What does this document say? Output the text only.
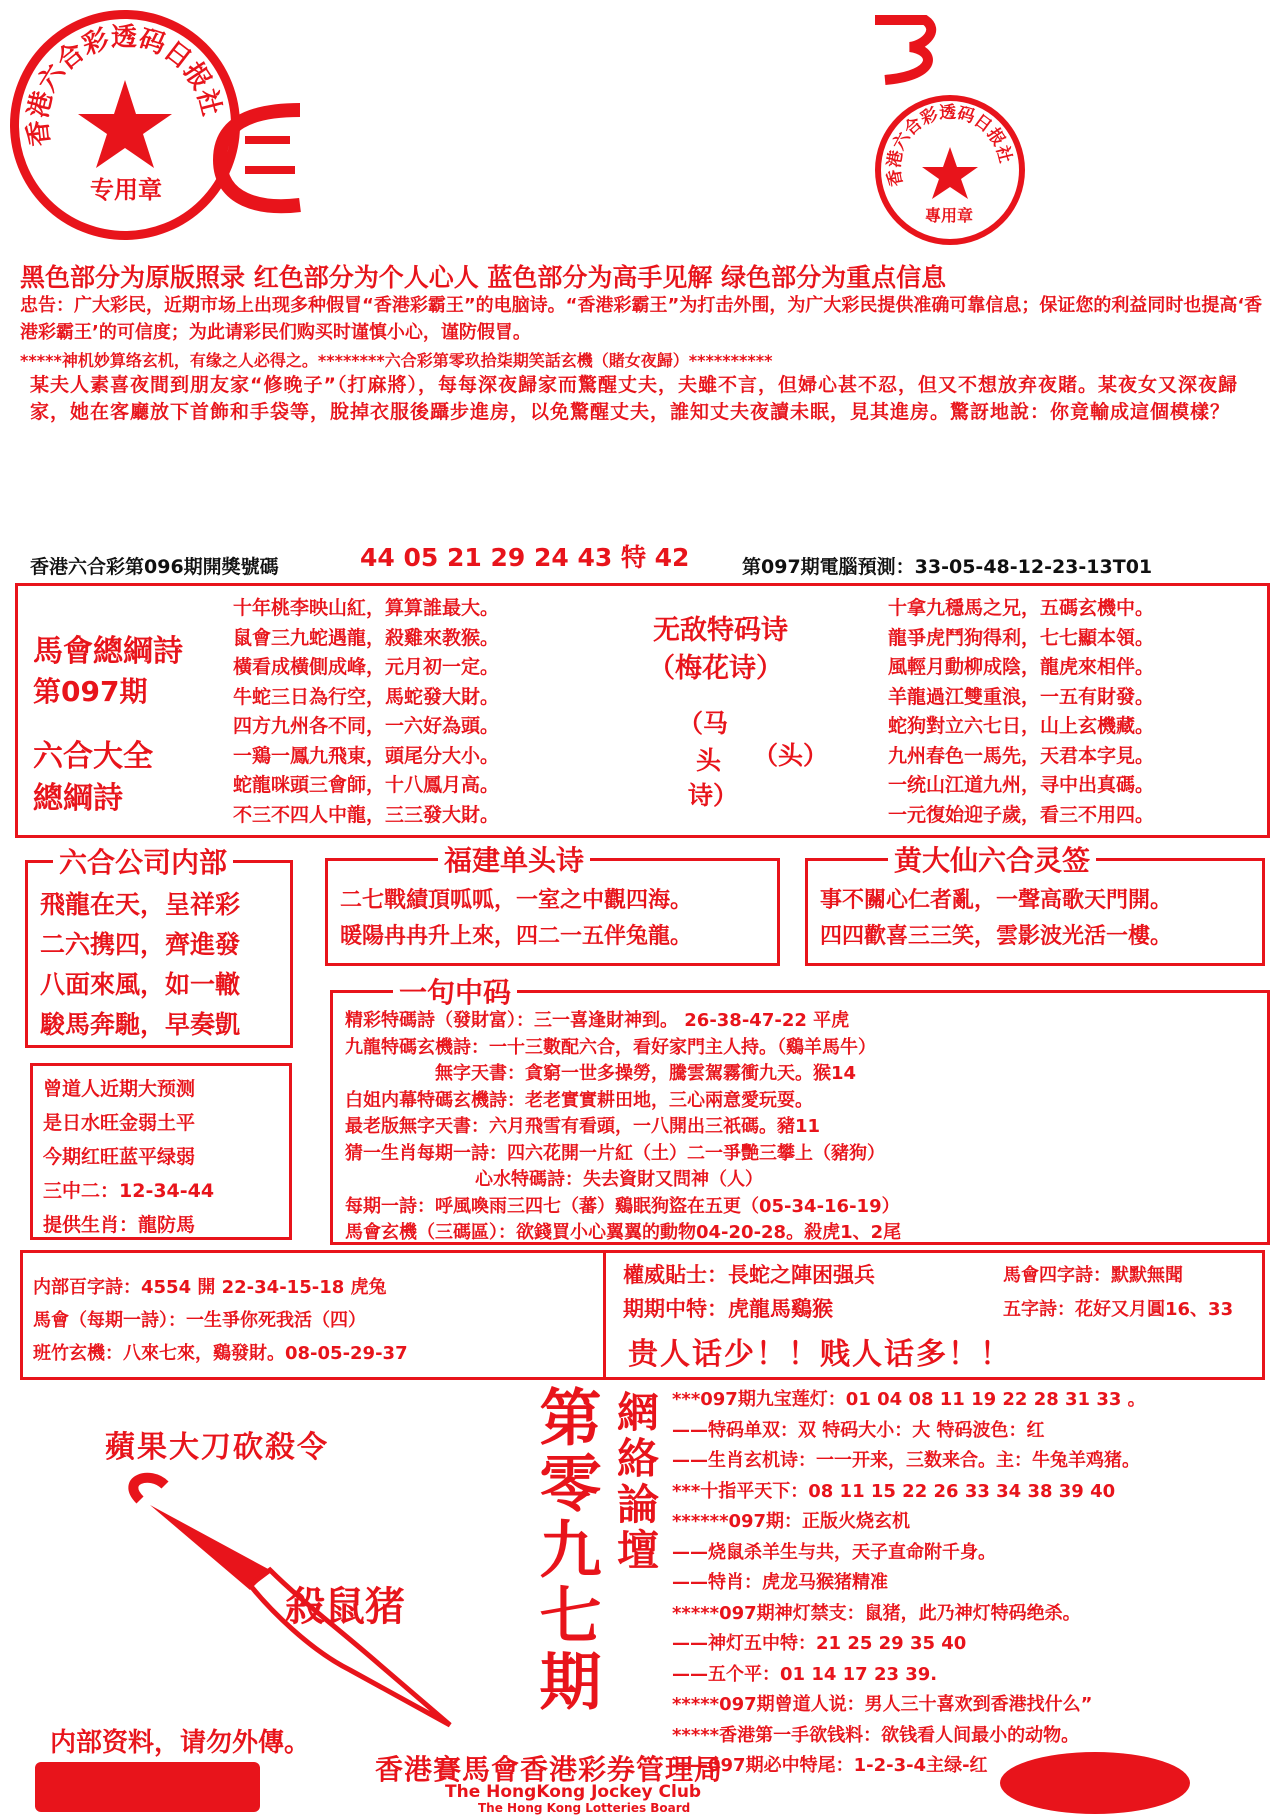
香港六合彩透码日报社
专用章	香港六合彩透码日报社
專用章
黑色部分为原版照录 红色部分为个人心人 蓝色部分为高手见解 绿色部分为重点信息
忠告：广大彩民，近期市场上出现多种假冒“香港彩霸王”的电脑诗。“香港彩霸王”为打击外围，为广大彩民提供准确可靠信息；保证您的利益同时也提高‘香港彩霸王’的可信度；为此请彩民们购买时谨慎小心，谨防假冒。
*****神机妙算络玄机，有缘之人必得之。********六合彩第零玖拾柒期笑話玄機（賭女夜歸）**********
某夫人素喜夜間到朋友家“修晚子”（打麻將），每每深夜歸家而驚醒丈夫，夫雖不言，但婦心甚不忍，但又不想放弃夜賭。某夜女又深夜歸家，她在客廳放下首飾和手袋等，脫掉衣服後躡步進房，以免驚醒丈夫，誰知丈夫夜讀未眠，見其進房。驚訝地說：你竟輸成這個模樣？
香港六合彩第096期開獎號碼	44 05 21 29 24 43 特 42	第097期電腦預測：33-05-48-12-23-13T01
馬會總綱詩
第097期
六合大全
總綱詩
十年桃李映山紅，算算誰最大。
鼠會三九蛇遇龍，殺雞來教猴。
橫看成橫側成峰，元月初一定。
牛蛇三日為行空，馬蛇發大財。
四方九州各不同，一六好為頭。
一鶏一鳳九飛東，頭尾分大小。
蛇龍咪頭三會師，十八鳳月高。
不三不四人中龍，三三發大財。
无敌特码诗
（梅花诗）
（马
头 （头）
诗）
十拿九穩馬之兄，五碼玄機中。
龍爭虎鬥狗得利，七七顯本領。
風輕月動柳成陰，龍虎來相伴。
羊龍過江雙重浪，一五有財發。
蛇狗對立六七日，山上玄機藏。
九州春色一馬先，天君本字見。
一统山江道九州，寻中出真碼。
一元復始迎子歲，看三不用四。
六合公司内部
飛龍在天，呈祥彩
二六携四，齊進發
八面來風，如一轍
駿馬奔馳，早奏凱
福建单头诗
二七戰績頂呱呱，一室之中觀四海。
暖陽冉冉升上來，四二一五伴兔龍。
黄大仙六合灵签
事不關心仁者亂，一聲高歌天門開。
四四歡喜三三笑，雲影波光活一樓。
曾道人近期大预测
是日水旺金弱土平
今期红旺蓝平绿弱
三中二：12-34-44
提供生肖：龍防馬
一句中码
精彩特碼詩（發財富）：三一喜逢財神到。 26-38-47-22 平虎
九龍特碼玄機詩：一十三數配六合，看好家門主人持。（鷄羊馬牛）
無字天書：貪窮一世多操勞，騰雲駕霧衝九天。猴14
白姐内幕特碼玄機詩：老老實實耕田地，三心兩意愛玩耍。
最老版無字天書：六月飛雪有看頭，一八開出三祇碼。豬11
猜一生肖每期一詩：四六花開一片紅（土）二一爭艷三攀上（豬狗）
心水特碼詩：失去資財又問神（人）
每期一詩：呼風喚雨三四七（蕃）鷄眠狗盜在五更（05-34-16-19）
馬會玄機（三碼區）：欲錢買小心翼翼的動物04-20-28。殺虎1、2尾
内部百字詩：4554 開 22-34-15-18 虎兔
馬會（每期一詩）：一生爭你死我活（四）
班竹玄機：八來七來，鷄發財。08-05-29-37
權威貼士：長蛇之陣困强兵	馬會四字詩：默默無聞
期期中特：虎龍馬鷄猴	五字詩：花好又月圓16、33
贵人话少！！贱人话多！！
蘋果大刀砍殺令
殺鼠猪
内部资料，请勿外傳。
第零九七期 網絡論壇 ***097期九宝莲灯：01 04 08 11 19 22 28 31 33 。
——特码单双：双 特码大小：大 特码波色：红
——生肖玄机诗：一一开来，三数来合。主：牛兔羊鸡猪。
***十指平天下：08 11 15 22 26 33 34 38 39 40
******097期：正版火烧玄机
——烧鼠杀羊生与共，天子直命附千身。
——特肖：虎龙马猴猪精准
*****097期神灯禁支：鼠猪，此乃神灯特码绝杀。
——神灯五中特：21 25 29 35 40
——五个平：01 14 17 23 39.
*****097期曾道人说：男人三十喜欢到香港找什么”
*****香港第一手欲钱料：欲钱看人间最小的动物。
——097期必中特尾：1-2-3-4主绿-红
香港賽馬會香港彩券管理局
The HongKong Jockey Club
The Hong Kong Lotteries Board
